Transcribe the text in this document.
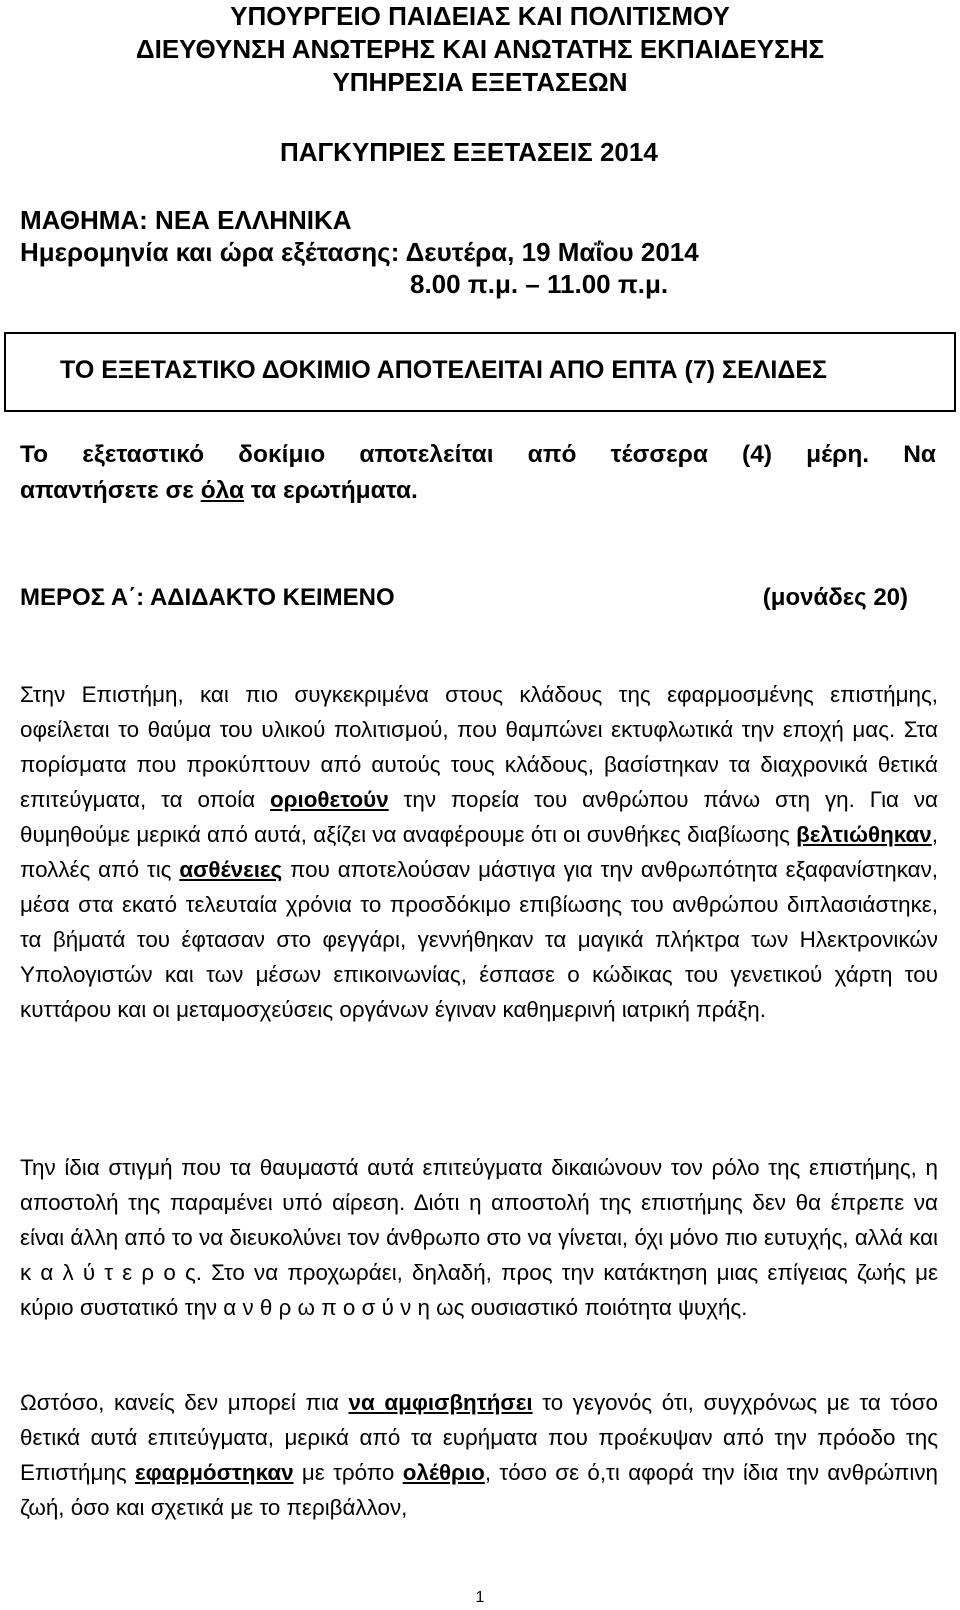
ΥΠΟΥΡΓΕΙΟ ΠΑΙΔΕΙΑΣ ΚΑΙ ΠΟΛΙΤΙΣΜΟΥ
ΔΙΕΥΘΥΝΣΗ ΑΝΩΤΕΡΗΣ ΚΑΙ ΑΝΩΤΑΤΗΣ ΕΚΠΑΙΔΕΥΣΗΣ
ΥΠΗΡΕΣΙΑ ΕΞΕΤΑΣΕΩΝ
ΠΑΓΚΥΠΡΙΕΣ ΕΞΕΤΑΣΕΙΣ 2014
ΜΑΘΗΜΑ: ΝΕΑ ΕΛΛΗΝΙΚΑ
Ημερομηνία και ώρα εξέτασης: Δευτέρα, 19 Μαΐου 2014
8.00 π.μ. – 11.00 π.μ.
ΤΟ ΕΞΕΤΑΣΤΙΚΟ ΔΟΚΙΜΙΟ ΑΠΟΤΕΛΕΙΤΑΙ ΑΠΟ ΕΠΤΑ (7) ΣΕΛΙΔΕΣ
Το εξεταστικό δοκίμιο αποτελείται από τέσσερα (4) μέρη. Να
απαντήσετε σε όλα τα ερωτήματα.
ΜΕΡΟΣ Α΄: ΑΔΙΔΑΚΤΟ ΚΕΙΜΕΝΟ	(μονάδες 20)

Στην Επιστήμη, και πιο συγκεκριμένα στους κλάδους της εφαρμοσμένης επιστήμης, οφείλεται το θαύμα του υλικού πολιτισμού, που θαμπώνει εκτυφλωτικά την εποχή μας. Στα πορίσματα που προκύπτουν από αυτούς τους κλάδους, βασίστηκαν τα διαχρονικά θετικά επιτεύγματα, τα οποία οριοθετούν την πορεία του ανθρώπου πάνω στη γη. Για να θυμηθούμε μερικά από αυτά, αξίζει να αναφέρουμε ότι οι συνθήκες διαβίωσης βελτιώθηκαν, πολλές από τις ασθένειες που αποτελούσαν μάστιγα για την ανθρωπότητα εξαφανίστηκαν, μέσα στα εκατό τελευταία χρόνια το προσδόκιμο επιβίωσης του ανθρώπου διπλασιάστηκε, τα βήματά του έφτασαν στο φεγγάρι, γεννήθηκαν τα μαγικά πλήκτρα των Ηλεκτρονικών Υπολογιστών και των μέσων επικοινωνίας, έσπασε ο κώδικας του γενετικού χάρτη του κυττάρου και οι μεταμοσχεύσεις οργάνων έγιναν καθημερινή ιατρική πράξη.

Την ίδια στιγμή που τα θαυμαστά αυτά επιτεύγματα δικαιώνουν τον ρόλο της επιστήμης, η αποστολή της παραμένει υπό αίρεση. Διότι η αποστολή της επιστήμης δεν θα έπρεπε να είναι άλλη από το να διευκολύνει τον άνθρωπο στο να γίνεται, όχι μόνο πιο ευτυχής, αλλά και κ α λ ύ τ ε ρ ο ς. Στο να προχωράει, δηλαδή, προς την κατάκτηση μιας επίγειας ζωής με κύριο συστατικό την α ν θ ρ ω π ο σ ύ ν η ως ουσιαστικό ποιότητα ψυχής.

Ωστόσο, κανείς δεν μπορεί πια να αμφισβητήσει το γεγονός ότι, συγχρόνως με τα τόσο θετικά αυτά επιτεύγματα, μερικά από τα ευρήματα που προέκυψαν από την πρόοδο της Επιστήμης εφαρμόστηκαν με τρόπο ολέθριο, τόσο σε ό,τι αφορά την ίδια την ανθρώπινη ζωή, όσο και σχετικά με το περιβάλλον,

1
